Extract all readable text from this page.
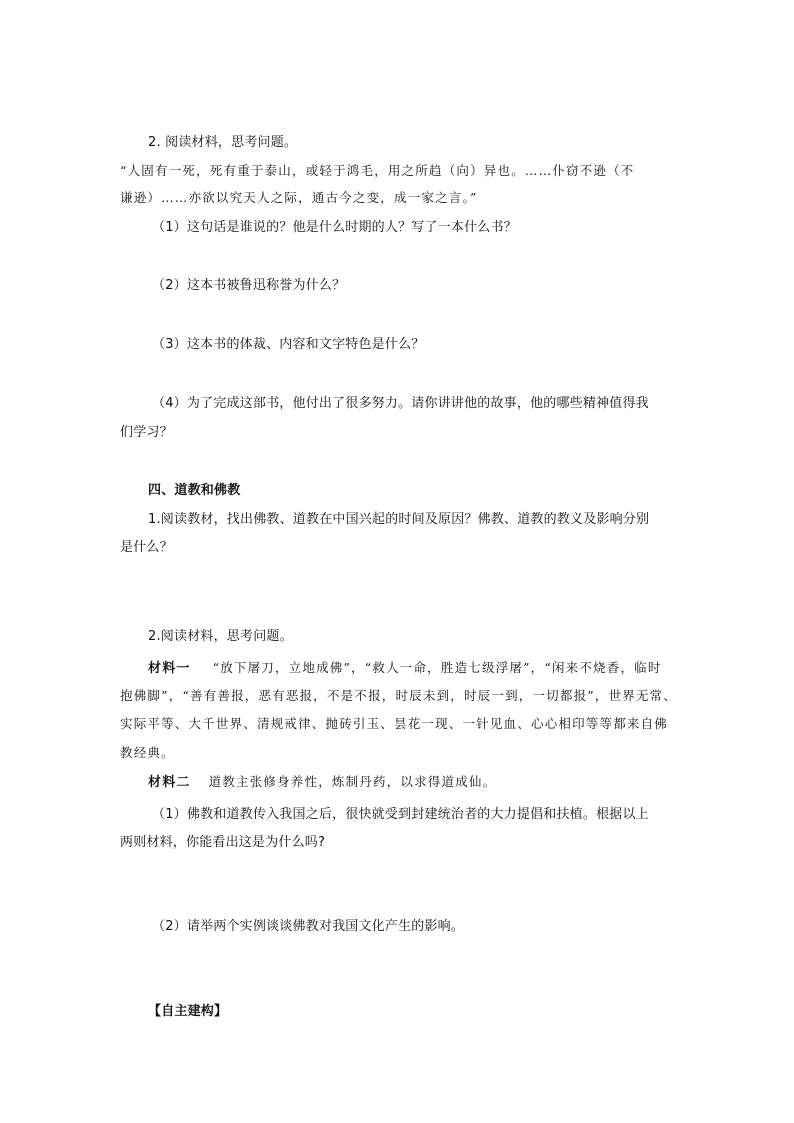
2. 阅读材料，思考问题。
“人固有一死，死有重于泰山，或轻于鸿毛，用之所趋（向）异也。……仆窃不逊（不
谦逊）……亦欲以究天人之际，通古今之变，成一家之言。”
（1）这句话是谁说的？他是什么时期的人？写了一本什么书？
（2）这本书被鲁迅称誉为什么？
（3）这本书的体裁、内容和文字特色是什么？
（4）为了完成这部书，他付出了很多努力。请你讲讲他的故事，他的哪些精神值得我
们学习？
四、道教和佛教
1.阅读教材，找出佛教、道教在中国兴起的时间及原因？佛教、道教的教义及影响分别
是什么？
2.阅读材料，思考问题。
材料一 “放下屠刀，立地成佛”，“救人一命，胜造七级浮屠”，“闲来不烧香，临时
抱佛脚”，“善有善报，恶有恶报，不是不报，时辰未到，时辰一到，一切都报”，世界无常、
实际平等、大千世界、清规戒律、抛砖引玉、昙花一现、一针见血、心心相印等等都来自佛
教经典。
材料二 道教主张修身养性，炼制丹药，以求得道成仙。
（1）佛教和道教传入我国之后，很快就受到封建统治者的大力提倡和扶植。根据以上
两则材料，你能看出这是为什么吗?
（2）请举两个实例谈谈佛教对我国文化产生的影响。
【自主建构】
